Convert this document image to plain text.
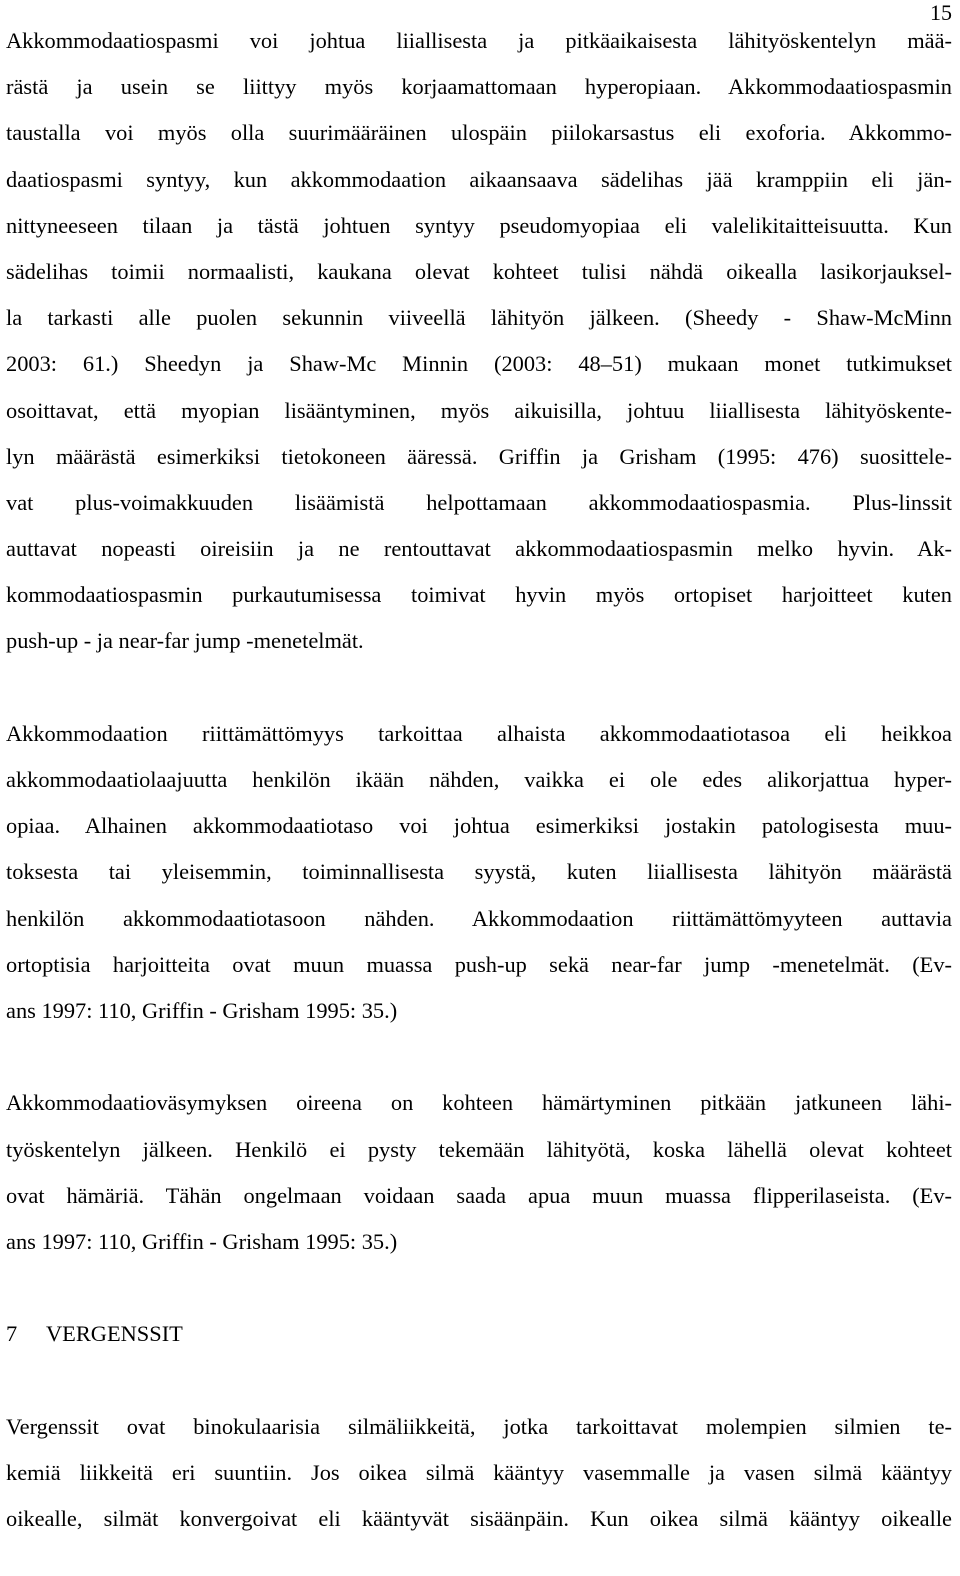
15
Akkommodaatiospasmi voi johtua liiallisesta ja pitkäaikaisesta lähityöskentelyn mää-
rästä ja usein se liittyy myös korjaamattomaan hyperopiaan. Akkommodaatiospasmin
taustalla voi myös olla suurimääräinen ulospäin piilokarsastus eli exoforia. Akkommo-
daatiospasmi syntyy, kun akkommodaation aikaansaava sädelihas jää kramppiin eli jän-
nittyneeseen tilaan ja tästä johtuen syntyy pseudomyopiaa eli valelikitaitteisuutta. Kun
sädelihas toimii normaalisti, kaukana olevat kohteet tulisi nähdä oikealla lasikorjauksel-
la tarkasti alle puolen sekunnin viiveellä lähityön jälkeen. (Sheedy - Shaw-McMinn
2003: 61.) Sheedyn ja Shaw-Mc Minnin (2003: 48–51) mukaan monet tutkimukset
osoittavat, että myopian lisääntyminen, myös aikuisilla, johtuu liiallisesta lähityöskente-
lyn määrästä esimerkiksi tietokoneen ääressä. Griffin ja Grisham (1995: 476) suosittele-
vat plus-voimakkuuden lisäämistä helpottamaan akkommodaatiospasmia. Plus-linssit
auttavat nopeasti oireisiin ja ne rentouttavat akkommodaatiospasmin melko hyvin. Ak-
kommodaatiospasmin purkautumisessa toimivat hyvin myös ortopiset harjoitteet kuten
push-up - ja near-far jump -menetelmät.
Akkommodaation riittämättömyys tarkoittaa alhaista akkommodaatiotasoa eli heikkoa
akkommodaatiolaajuutta henkilön ikään nähden, vaikka ei ole edes alikorjattua hyper-
opiaa. Alhainen akkommodaatiotaso voi johtua esimerkiksi jostakin patologisesta muu-
toksesta tai yleisemmin, toiminnallisesta syystä, kuten liiallisesta lähityön määrästä
henkilön akkommodaatiotasoon nähden. Akkommodaation riittämättömyyteen auttavia
ortoptisia harjoitteita ovat muun muassa push-up sekä near-far jump -menetelmät. (Ev-
ans 1997: 110, Griffin - Grisham 1995: 35.)
Akkommodaatioväsymyksen oireena on kohteen hämärtyminen pitkään jatkuneen lähi-
työskentelyn jälkeen. Henkilö ei pysty tekemään lähityötä, koska lähellä olevat kohteet
ovat hämäriä. Tähän ongelmaan voidaan saada apua muun muassa flipperilaseista. (Ev-
ans 1997: 110, Griffin - Grisham 1995: 35.)
7 VERGENSSIT
Vergenssit ovat binokulaarisia silmäliikkeitä, jotka tarkoittavat molempien silmien te-
kemiä liikkeitä eri suuntiin. Jos oikea silmä kääntyy vasemmalle ja vasen silmä kääntyy
oikealle, silmät konvergoivat eli kääntyvät sisäänpäin. Kun oikea silmä kääntyy oikealle
